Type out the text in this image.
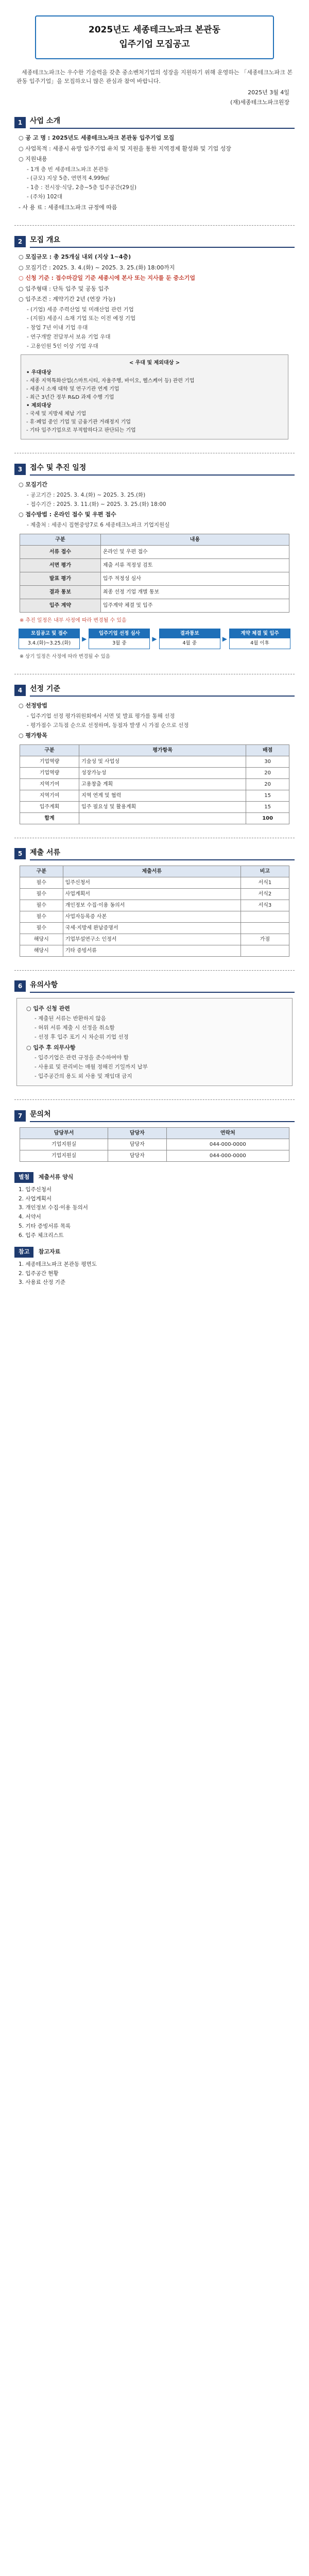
2025년도 세종테크노파크 본관동
입주기업 모집공고

세종테크노파크는 우수한 기술력을 갖춘 중소벤처기업의 성장을 지원하기 위해 운영하는 「세종테크노파크 본관동 입주기업」을 모집하오니 많은 관심과 참여 바랍니다.

2025년 3월 4일
(재)세종테크노파크원장
1	사업 소개
○ 공 고 명 : 2025년도 세종테크노파크 본관동 입주기업 모집
○ 사업목적 : 세종시 유망 입주기업 유치 및 지원을 통한 지역경제 활성화 및 기업 성장
○ 지원내용
- 1개 층 빈 세종테크노파크 본관동
- (규모) 지상 5층, 연면적 4,999㎡
- 1층 : 전시장·식당, 2층~5층 입주공간(29실)
- (주차) 102대
- 사 용 료 : 세종테크노파크 규정에 따름
2	모집 개요
○ 모집규모 : 총 25개실 내외 (지상 1~4층)
○ 모집기간 : 2025. 3. 4.(화) ~ 2025. 3. 25.(화) 18:00까지
○ 신청 기준 : 접수마감일 기준 세종시에 본사 또는 지사를 둔 중소기업
○ 입주형태 : 단독 입주 및 공동 입주
○ 입주조건 : 계약기간 2년 (연장 가능)
- (기업) 세종 주력산업 및 미래산업 관련 기업
- (지원) 세종시 소재 기업 또는 이전 예정 기업
- 창업 7년 이내 기업 우대
- 연구개발 전담부서 보유 기업 우대
- 고용인원 5인 이상 기업 우대
< 우대 및 제외대상 >
• 우대대상
- 세종 지역특화산업(스마트시티, 자율주행, 바이오, 헬스케어 등) 관련 기업
- 세종시 소재 대학 및 연구기관 연계 기업
- 최근 3년간 정부 R&D 과제 수행 기업
• 제외대상
- 국세 및 지방세 체납 기업
- 휴·폐업 중인 기업 및 금융기관 거래정지 기업
- 기타 입주기업으로 부적합하다고 판단되는 기업
3	접수 및 추진 일정
○ 모집기간
- 공고기간 : 2025. 3. 4.(화) ~ 2025. 3. 25.(화)
- 접수기간 : 2025. 3. 11.(화) ~ 2025. 3. 25.(화) 18:00
○ 접수방법 : 온라인 접수 및 우편 접수
- 제출처 : 세종시 집현중앙7로 6 세종테크노파크 기업지원실
구분	내용
서류 접수	온라인 및 우편 접수
서면 평가	제출 서류 적정성 검토
발표 평가	입주 적정성 심사
결과 통보	최종 선정 기업 개별 통보
입주 계약	입주계약 체결 및 입주
※ 추진 일정은 내부 사정에 따라 변경될 수 있음
모집공고 및 접수
3.4.(화)~3.25.(화)
▶
입주기업 선정 심사
3월 중
▶
결과통보
4월 중
▶
계약 체결 및 입주
4월 이후
※ 상기 일정은 사정에 따라 변경될 수 있음
4	선정 기준
○ 선정방법
- 입주기업 선정 평가위원회에서 서면 및 발표 평가를 통해 선정
- 평가점수 고득점 순으로 선정하며, 동점자 발생 시 가점 순으로 선정
○ 평가항목
구분	평가항목	배점
기업역량	기술성 및 사업성	30
기업역량	성장가능성	20
지역기여	고용창출 계획	20
지역기여	지역 연계 및 협력	15
입주계획	입주 필요성 및 활용계획	15
합계		100
5	제출 서류
구분	제출서류	비고
필수	입주신청서	서식1
필수	사업계획서	서식2
필수	개인정보 수집·이용 동의서	서식3
필수	사업자등록증 사본	
필수	국세·지방세 완납증명서	
해당시	기업부설연구소 인정서	가점
해당시	기타 증빙서류	
6	유의사항
○ 입주 신청 관련
- 제출된 서류는 반환하지 않음
- 허위 서류 제출 시 선정을 취소함
- 선정 후 입주 포기 시 차순위 기업 선정
○ 입주 후 의무사항
- 입주기업은 관련 규정을 준수하여야 함
- 사용료 및 관리비는 매월 정해진 기일까지 납부
- 입주공간의 용도 외 사용 및 재임대 금지
7	문의처
담당부서	담당자	연락처
기업지원실	담당자	044-000-0000
기업지원실	담당자	044-000-0000
별첨 제출서류 양식
1. 입주신청서
2. 사업계획서
3. 개인정보 수집·이용 동의서
4. 서약서
5. 기타 증빙서류 목록
6. 입주 체크리스트
참고 참고자료
1. 세종테크노파크 본관동 평면도
2. 입주공간 현황
3. 사용료 산정 기준
